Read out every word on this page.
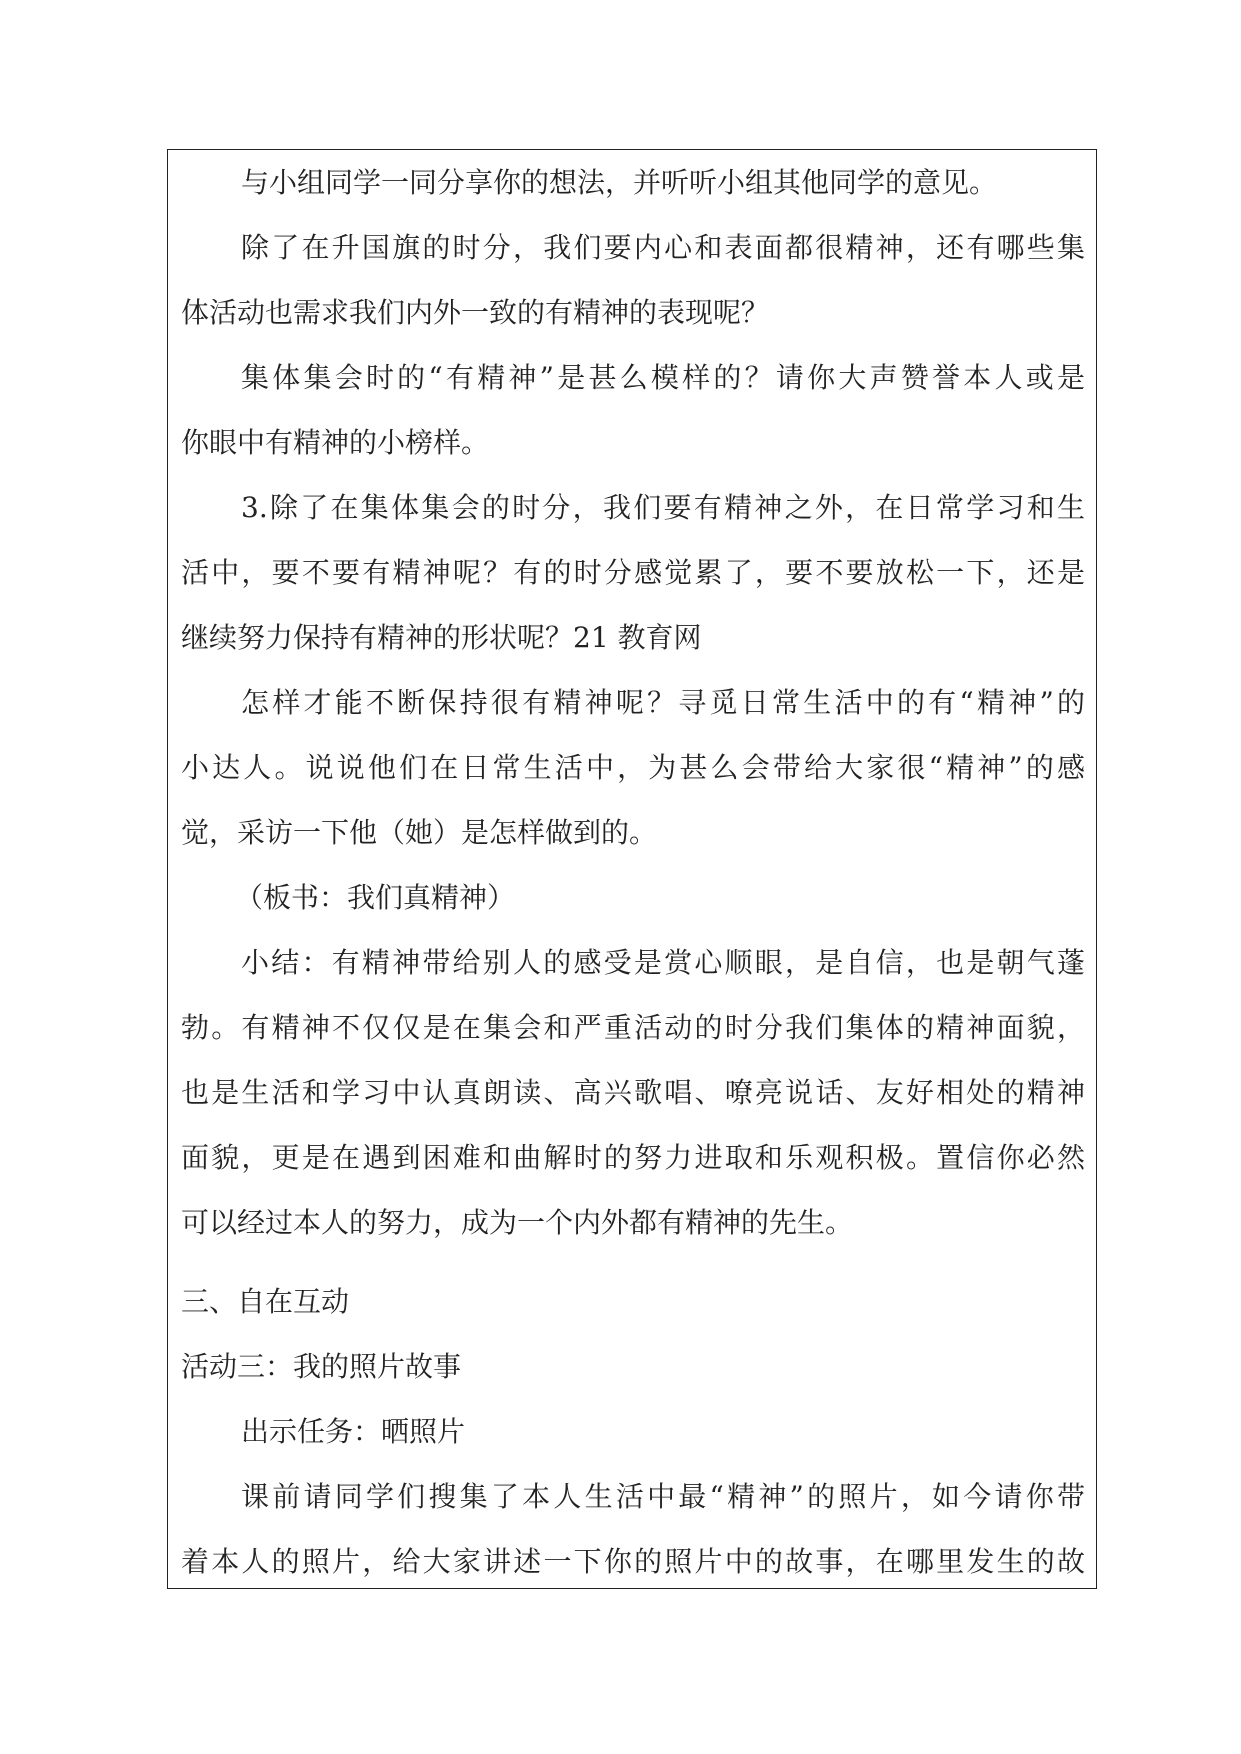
与小组同学一同分享你的想法，并听听小组其他同学的意见。
除了在升国旗的时分，我们要内心和表面都很精神，还有哪些集
体活动也需求我们内外一致的有精神的表现呢？
集体集会时的“有精神”是甚么模样的？请你大声赞誉本人或是
你眼中有精神的小榜样。
3.除了在集体集会的时分，我们要有精神之外，在日常学习和生
活中，要不要有精神呢？有的时分感觉累了，要不要放松一下，还是
继续努力保持有精神的形状呢？21 教育网
怎样才能不断保持很有精神呢？寻觅日常生活中的有“精神”的
小达人。说说他们在日常生活中，为甚么会带给大家很“精神”的感
觉，采访一下他（她）是怎样做到的。
（板书：我们真精神）
小结：有精神带给别人的感受是赏心顺眼，是自信，也是朝气蓬
勃。有精神不仅仅是在集会和严重活动的时分我们集体的精神面貌，
也是生活和学习中认真朗读、高兴歌唱、嘹亮说话、友好相处的精神
面貌，更是在遇到困难和曲解时的努力进取和乐观积极。置信你必然
可以经过本人的努力，成为一个内外都有精神的先生。
三、自在互动
活动三：我的照片故事
出示任务：晒照片
课前请同学们搜集了本人生活中最“精神”的照片，如今请你带
着本人的照片，给大家讲述一下你的照片中的故事，在哪里发生的故
